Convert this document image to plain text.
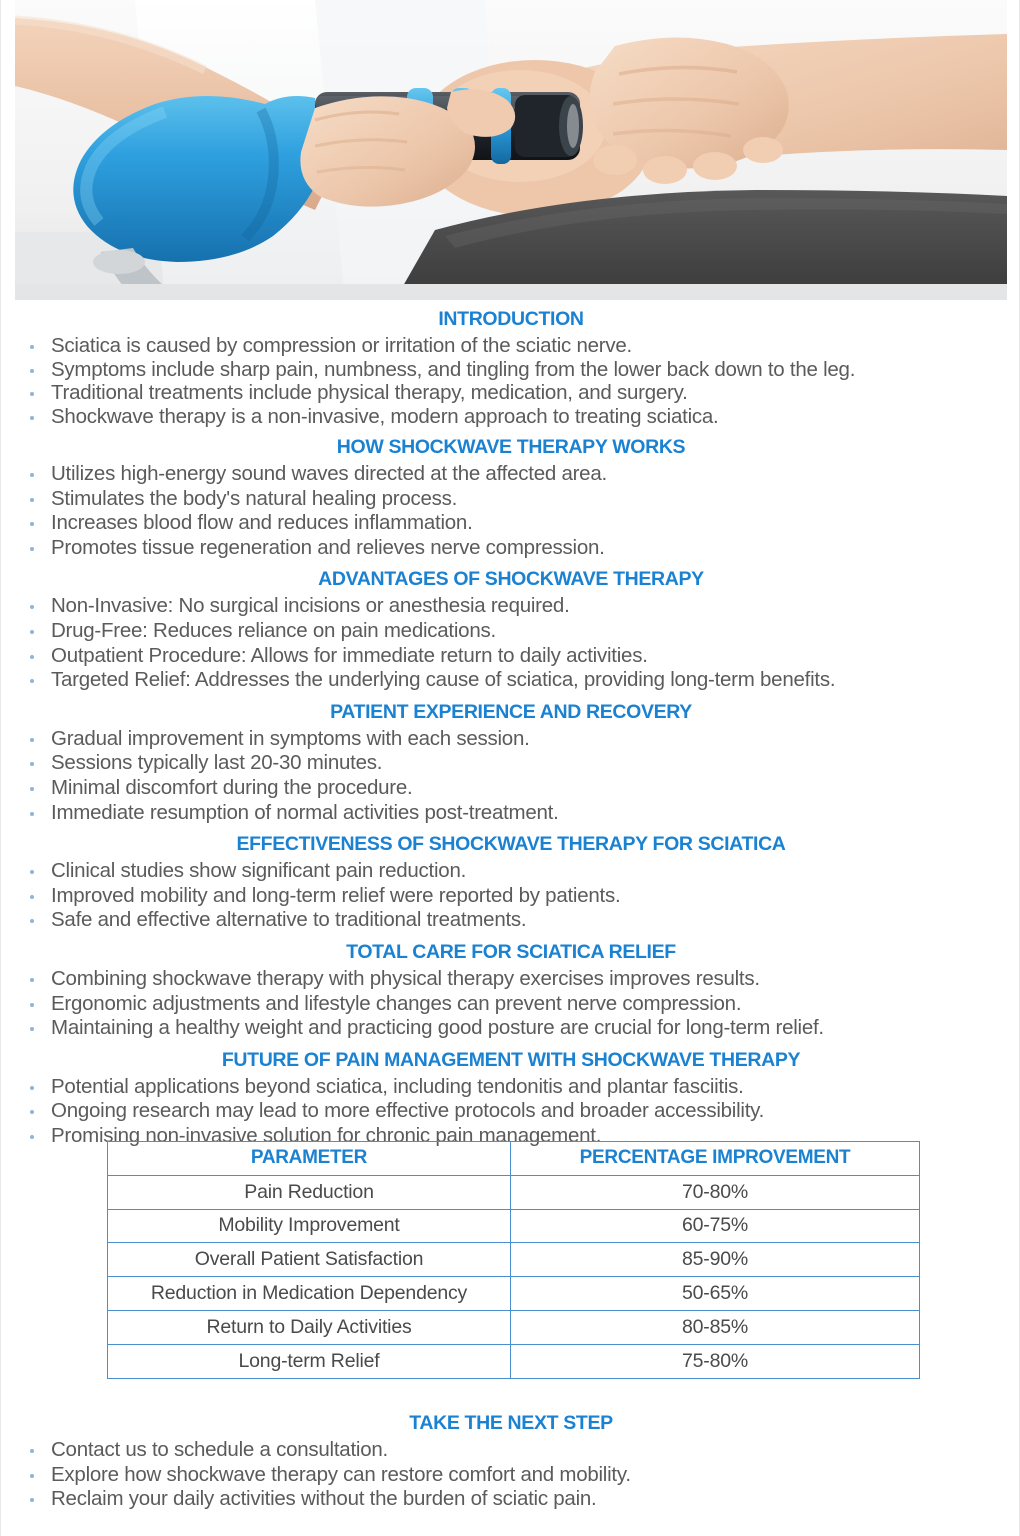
INTRODUCTION
Sciatica is caused by compression or irritation of the sciatic nerve.
Symptoms include sharp pain, numbness, and tingling from the lower back down to the leg.
Traditional treatments include physical therapy, medication, and surgery.
Shockwave therapy is a non-invasive, modern approach to treating sciatica.
HOW SHOCKWAVE THERAPY WORKS
Utilizes high-energy sound waves directed at the affected area.
Stimulates the body's natural healing process.
Increases blood flow and reduces inflammation.
Promotes tissue regeneration and relieves nerve compression.
ADVANTAGES OF SHOCKWAVE THERAPY
Non-Invasive: No surgical incisions or anesthesia required.
Drug-Free: Reduces reliance on pain medications.
Outpatient Procedure: Allows for immediate return to daily activities.
Targeted Relief: Addresses the underlying cause of sciatica, providing long-term benefits.
PATIENT EXPERIENCE AND RECOVERY
Gradual improvement in symptoms with each session.
Sessions typically last 20-30 minutes.
Minimal discomfort during the procedure.
Immediate resumption of normal activities post-treatment.
EFFECTIVENESS OF SHOCKWAVE THERAPY FOR SCIATICA
Clinical studies show significant pain reduction.
Improved mobility and long-term relief were reported by patients.
Safe and effective alternative to traditional treatments.
TOTAL CARE FOR SCIATICA RELIEF
Combining shockwave therapy with physical therapy exercises improves results.
Ergonomic adjustments and lifestyle changes can prevent nerve compression.
Maintaining a healthy weight and practicing good posture are crucial for long-term relief.
FUTURE OF PAIN MANAGEMENT WITH SHOCKWAVE THERAPY
Potential applications beyond sciatica, including tendonitis and plantar fasciitis.
Ongoing research may lead to more effective protocols and broader accessibility.
Promising non-invasive solution for chronic pain management.
PARAMETER	PERCENTAGE IMPROVEMENT
Pain Reduction	70-80%
Mobility Improvement	60-75%
Overall Patient Satisfaction	85-90%
Reduction in Medication Dependency	50-65%
Return to Daily Activities	80-85%
Long-term Relief	75-80%
TAKE THE NEXT STEP
Contact us to schedule a consultation.
Explore how shockwave therapy can restore comfort and mobility.
Reclaim your daily activities without the burden of sciatic pain.
